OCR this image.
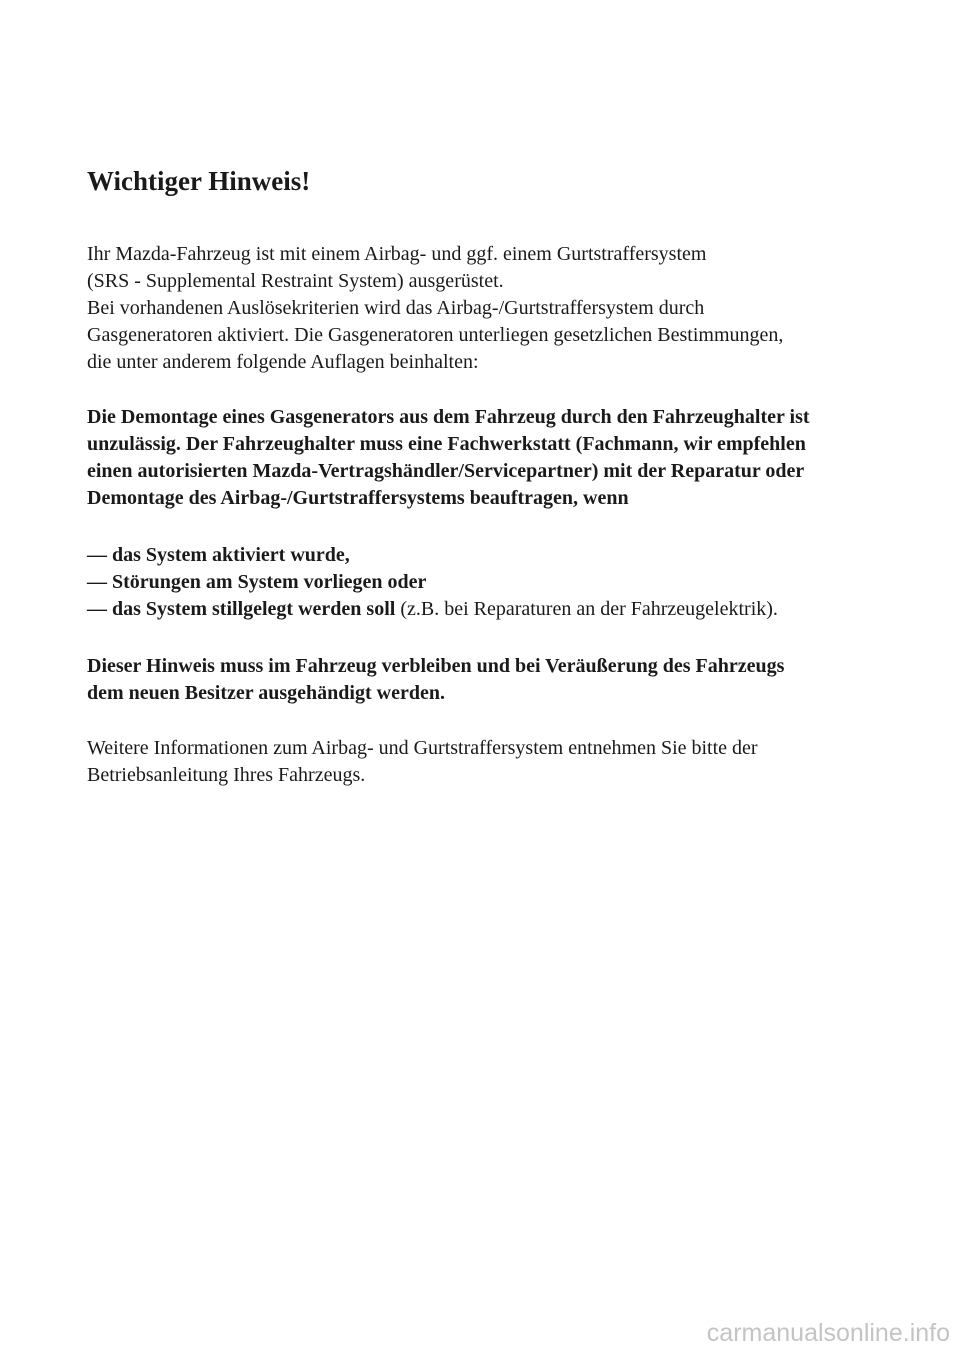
Wichtiger Hinweis!

Ihr Mazda-Fahrzeug ist mit einem Airbag- und ggf. einem Gurtstraffersystem
(SRS - Supplemental Restraint System) ausgerüstet.
Bei vorhandenen Auslösekriterien wird das Airbag-/Gurtstraffersystem durch
Gasgeneratoren aktiviert. Die Gasgeneratoren unterliegen gesetzlichen Bestimmungen,
die unter anderem folgende Auflagen beinhalten:

Die Demontage eines Gasgenerators aus dem Fahrzeug durch den Fahrzeughalter ist
unzulässig. Der Fahrzeughalter muss eine Fachwerkstatt (Fachmann, wir empfehlen
einen autorisierten Mazda-Vertragshändler/Servicepartner) mit der Reparatur oder
Demontage des Airbag-/Gurtstraffersystems beauftragen, wenn

— das System aktiviert wurde,
— Störungen am System vorliegen oder
— das System stillgelegt werden soll (z.B. bei Reparaturen an der Fahrzeugelektrik).

Dieser Hinweis muss im Fahrzeug verbleiben und bei Veräußerung des Fahrzeugs
dem neuen Besitzer ausgehändigt werden.

Weitere Informationen zum Airbag- und Gurtstraffersystem entnehmen Sie bitte der
Betriebsanleitung Ihres Fahrzeugs.

carmanualsonline.info
